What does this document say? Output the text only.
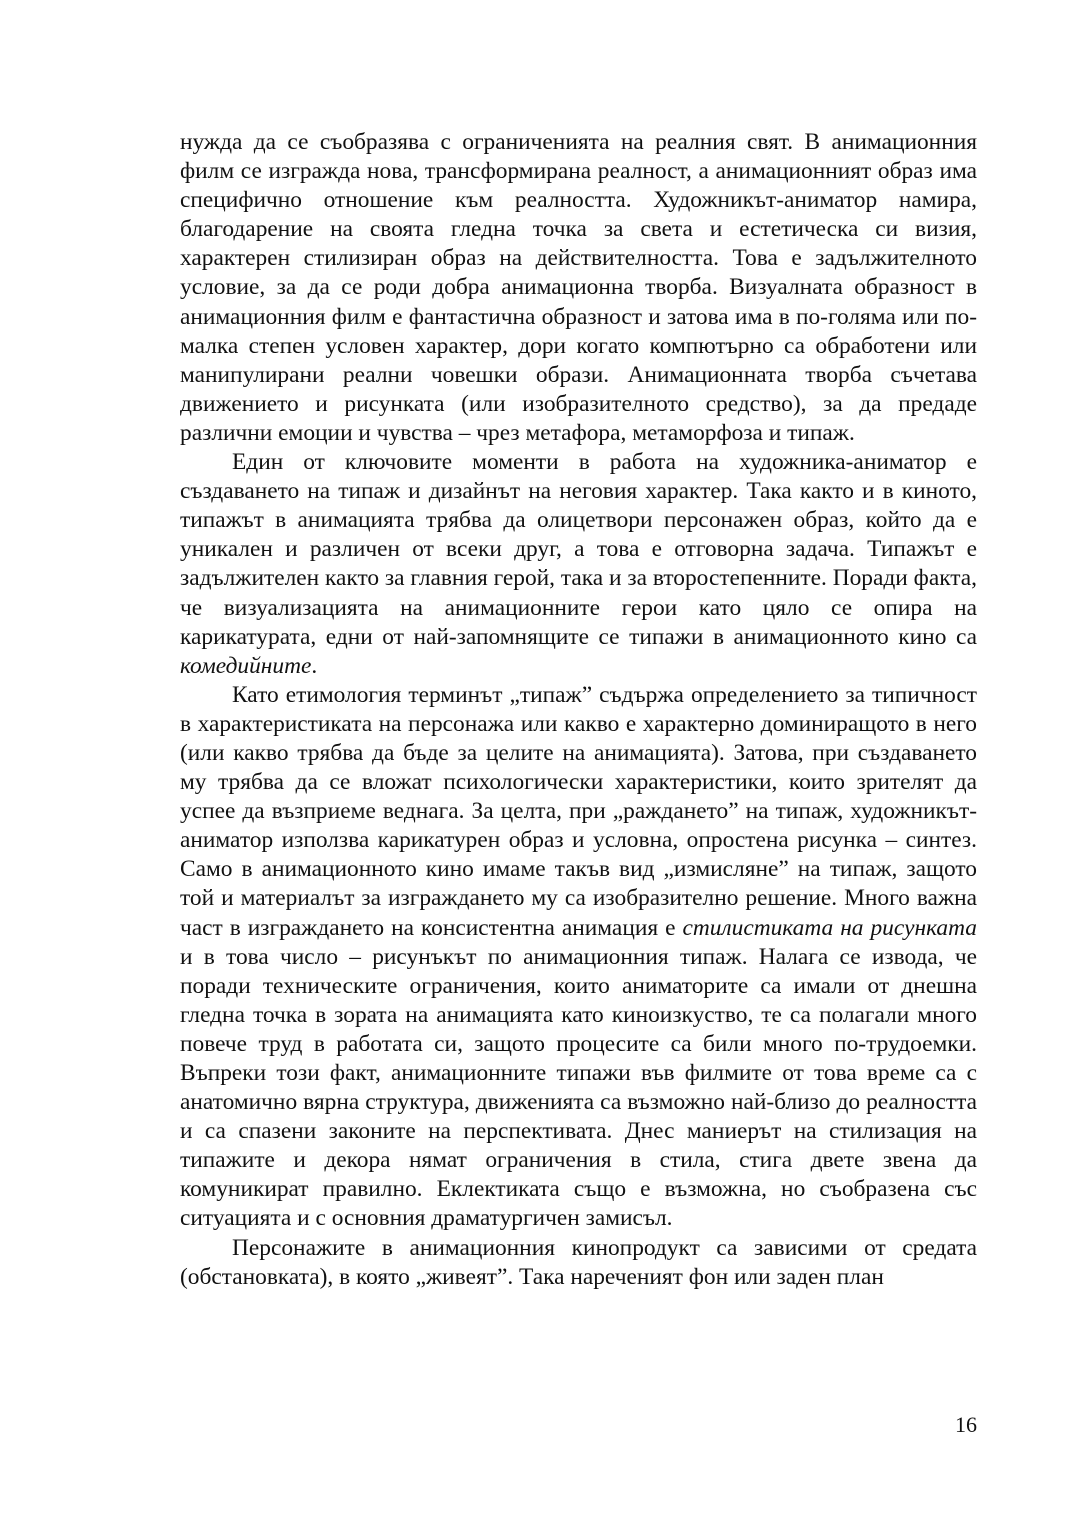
нужда да се съобразява с ограниченията на реалния свят. В анимационния филм се изгражда нова, трансформирана реалност, а анимационният образ има специфично отношение към реалността. Художникът-аниматор намира, благодарение на своята гледна точка за света и естетическа си визия, характерен стилизиран образ на действителността. Това е задължителното условие, за да се роди добра анимационна творба. Визуалната образност в анимационния филм е фантастична образност и затова има в по-голяма или по-малка степен условен характер, дори когато компютърно са обработени или манипулирани реални човешки образи. Анимационната творба съчетава движението и рисунката (или изобразителното средство), за да предаде различни емоции и чувства – чрез метафора, метаморфоза и типаж.

Един от ключовите моменти в работа на художника-аниматор е създаването на типаж и дизайнът на неговия характер. Така както и в киното, типажът в анимацията трябва да олицетвори персонажен образ, който да е уникален и различен от всеки друг, а това е отговорна задача. Типажът е задължителен както за главния герой, така и за второстепенните. Поради факта, че визуализацията на анимационните герои като цяло се опира на карикатурата, едни от най-запомнящите се типажи в анимационното кино са комедийните.

Като етимология терминът „типаж” съдържа определението за типичност в характеристиката на персонажа или какво е характерно доминиращото в него (или какво трябва да бъде за целите на анимацията). Затова, при създаването му трябва да се вложат психологически характеристики, които зрителят да успее да възприеме веднага. За целта, при „раждането” на типаж, художникът-аниматор използва карикатурен образ и условна, опростена рисунка – синтез. Само в анимационното кино имаме такъв вид „измисляне” на типаж, защото той и материалът за изграждането му са изобразително решение. Много важна част в изграждането на консистентна анимация е стилистиката на рисунката и в това число – рисунъкът по анимационния типаж. Налага се извода, че поради техническите ограничения, които аниматорите са имали от днешна гледна точка в зората на анимацията като киноизкуство, те са полагали много повече труд в работата си, защото процесите са били много по-трудоемки. Въпреки този факт, анимационните типажи във филмите от това време са с анатомично вярна структура, движенията са възможно най-близо до реалността и са спазени законите на перспективата. Днес маниерът на стилизация на типажите и декора нямат ограничения в стила, стига двете звена да комуникират правилно. Еклектиката също е възможна, но съобразена със ситуацията и с основния драматургичен замисъл.

Персонажите в анимационния кинопродукт са зависими от средата (обстановката), в която „живеят”. Така нареченият фон или заден план

16
